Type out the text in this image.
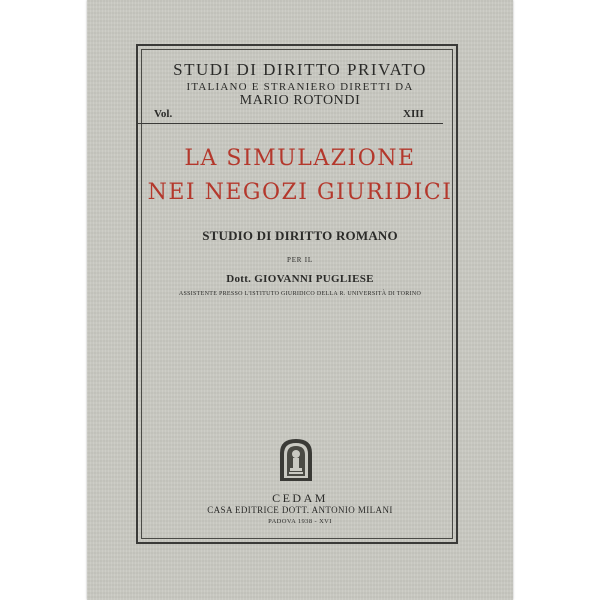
STUDI DI DIRITTO PRIVATO
ITALIANO E STRANIERO DIRETTI DA
MARIO ROTONDI
Vol.	XIII
LA SIMULAZIONE
NEI NEGOZI GIURIDICI
STUDIO DI DIRITTO ROMANO
PER IL
Dott. GIOVANNI PUGLIESE
ASSISTENTE PRESSO L'ISTITUTO GIURIDICO DELLA R. UNIVERSITÀ DI TORINO
CEDAM
CASA EDITRICE DOTT. ANTONIO MILANI
PADOVA 1938 - XVI
